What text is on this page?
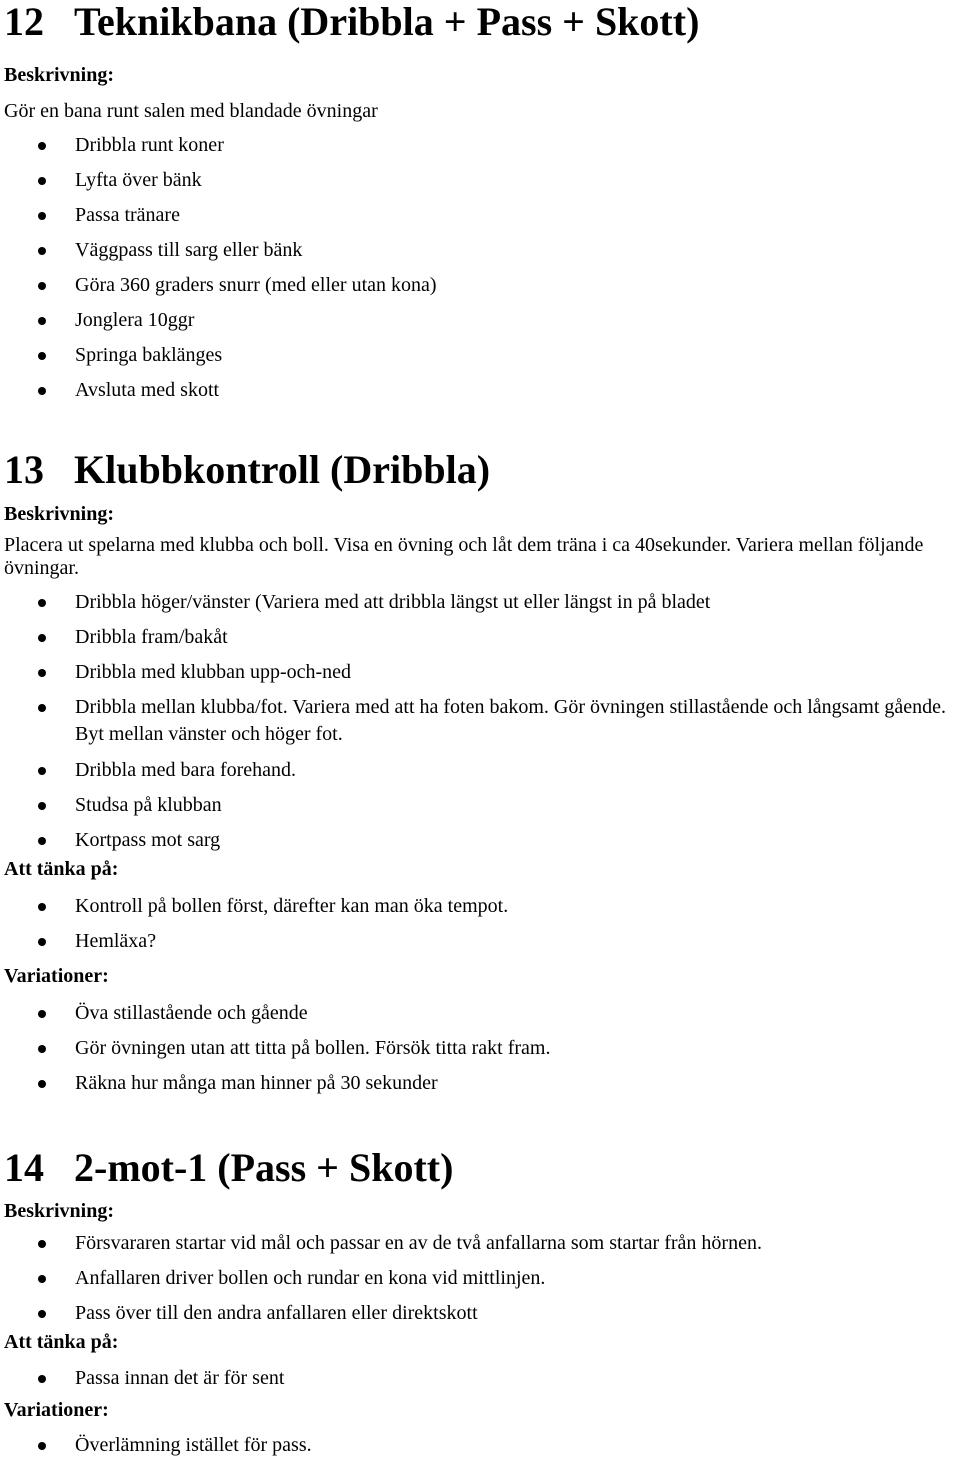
12 Teknikbana (Dribbla + Pass + Skott)
Beskrivning:

Gör en bana runt salen med blandade övningar

Dribbla runt koner
Lyfta över bänk
Passa tränare
Väggpass till sarg eller bänk
Göra 360 graders snurr (med eller utan kona)
Jonglera 10ggr
Springa baklänges
Avsluta med skott
13 Klubbkontroll (Dribbla)
Beskrivning:

Placera ut spelarna med klubba och boll. Visa en övning och låt dem träna i ca 40sekunder. Variera mellan följande övningar.

Dribbla höger/vänster (Variera med att dribbla längst ut eller längst in på bladet
Dribbla fram/bakåt
Dribbla med klubban upp-och-ned
Dribbla mellan klubba/fot. Variera med att ha foten bakom. Gör övningen stillastående och långsamt gående. Byt mellan vänster och höger fot.
Dribbla med bara forehand.
Studsa på klubban
Kortpass mot sarg
Att tänka på:
Kontroll på bollen först, därefter kan man öka tempot.
Hemläxa?
Variationer:
Öva stillastående och gående
Gör övningen utan att titta på bollen. Försök titta rakt fram.
Räkna hur många man hinner på 30 sekunder
14 2-mot-1 (Pass + Skott)
Beskrivning:
Försvararen startar vid mål och passar en av de två anfallarna som startar från hörnen.
Anfallaren driver bollen och rundar en kona vid mittlinjen.
Pass över till den andra anfallaren eller direktskott
Att tänka på:
Passa innan det är för sent
Variationer:
Överlämning istället för pass.
